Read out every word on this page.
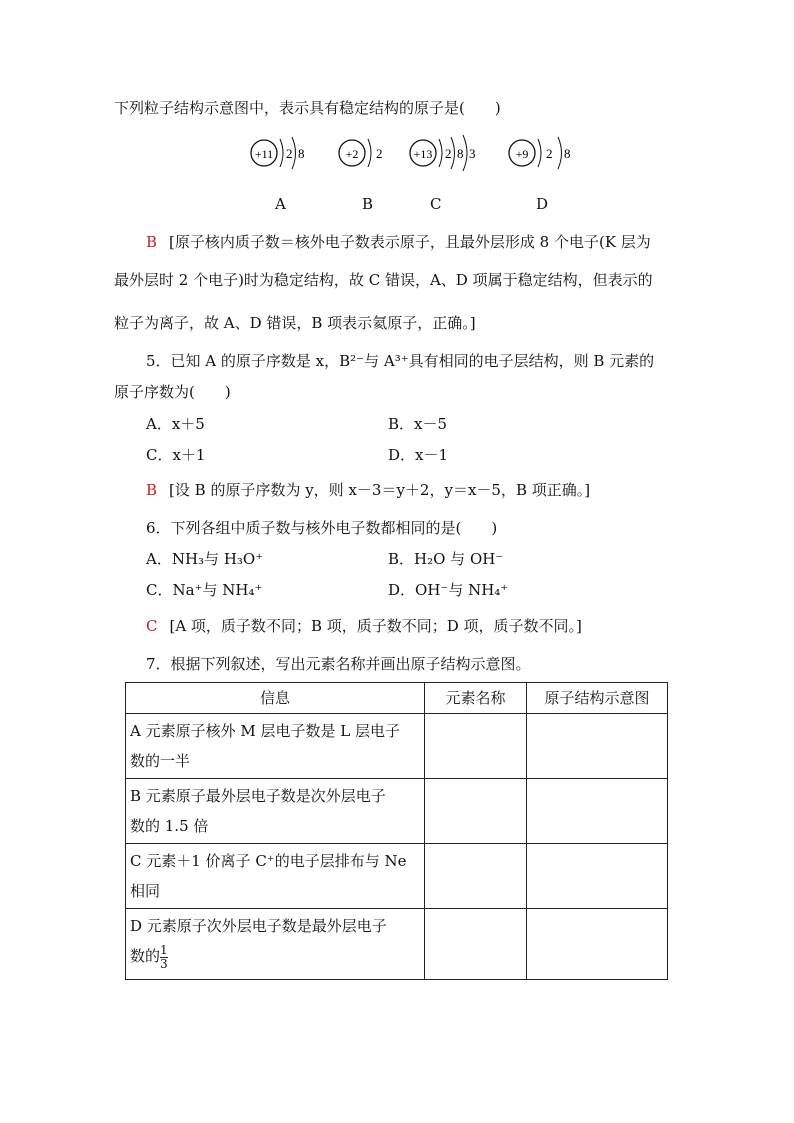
下列粒子结构示意图中，表示具有稳定结构的原子是(　　)
+11 2 8	+2 2	+13 2 8 3	+9 2 8
A	B	C	D
B [原子核内质子数＝核外电子数表示原子，且最外层形成 8 个电子(K 层为
最外层时 2 个电子)时为稳定结构，故 C 错误，A、D 项属于稳定结构，但表示的
粒子为离子，故 A、D 错误，B 项表示氦原子，正确。]
5．已知 A 的原子序数是 x，B²⁻与 A³⁺具有相同的电子层结构，则 B 元素的
原子序数为(　　)
A．x＋5	B．x－5
C．x＋1	D．x－1
B [设 B 的原子序数为 y，则 x－3＝y＋2，y＝x－5，B 项正确。]
6．下列各组中质子数与核外电子数都相同的是(　　)
A．NH₃与 H₃O⁺	B．H₂O 与 OH⁻
C．Na⁺与 NH₄⁺	D．OH⁻与 NH₄⁺
C [A 项，质子数不同；B 项，质子数不同；D 项，质子数不同。]
7．根据下列叙述，写出元素名称并画出原子结构示意图。
信息	元素名称	原子结构示意图

A 元素原子核外 M 层电子数是 L 层电子
数的一半		

B 元素原子最外层电子数是次外层电子
数的 1.5 倍		

C 元素＋1 价离子 C⁺的电子层排布与 Ne
相同		

D 元素原子次外层电子数是最外层电子
数的 $\frac{1}{3}$
